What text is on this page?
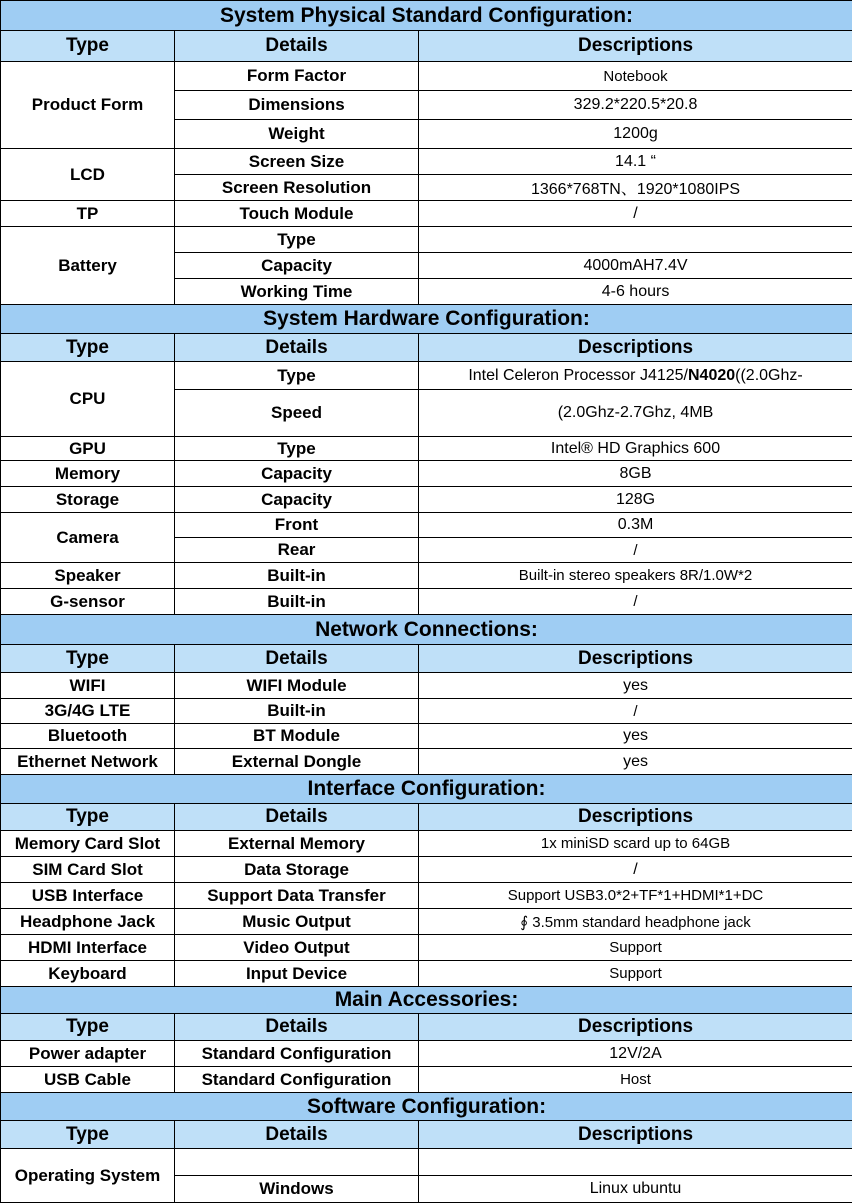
System Physical Standard Configuration:		
Type	Details	Descriptions
Product Form	Form Factor	Notebook
	Dimensions	329.2*220.5*20.8
	Weight	1200g
LCD	Screen Size	14.1 “
	Screen Resolution	1366*768TN、1920*1080IPS
TP	Touch Module	/
Battery	Type	
	Capacity	4000mAH7.4V
	Working Time	4-6 hours
System Hardware Configuration:		
Type	Details	Descriptions
CPU	Type	Intel Celeron Processor J4125/N4020((2.0Ghz-
	Speed	(2.0Ghz-2.7Ghz, 4MB
GPU	Type	Intel® HD Graphics 600
Memory	Capacity	8GB
Storage	Capacity	128G
Camera	Front	0.3M
	Rear	/
Speaker	Built-in	Built-in stereo speakers 8R/1.0W*2
G-sensor	Built-in	/
Network Connections:		
Type	Details	Descriptions
WIFI	WIFI Module	yes
3G/4G LTE	Built-in	/
Bluetooth	BT Module	yes
Ethernet Network	External Dongle	yes
Interface Configuration:		
Type	Details	Descriptions
Memory Card Slot	External Memory	1x miniSD scard up to 64GB
SIM Card Slot	Data Storage	/
USB Interface	Support Data Transfer	Support USB3.0*2+TF*1+HDMI*1+DC
Headphone Jack	Music Output	∮ 3.5mm standard headphone jack
HDMI Interface	Video Output	Support
Keyboard	Input Device	Support
Main Accessories:		
Type	Details	Descriptions
Power adapter	Standard Configuration	12V/2A
USB Cable	Standard Configuration	Host
Software Configuration:		
Type	Details	Descriptions
Operating System		
	Windows	Linux ubuntu
